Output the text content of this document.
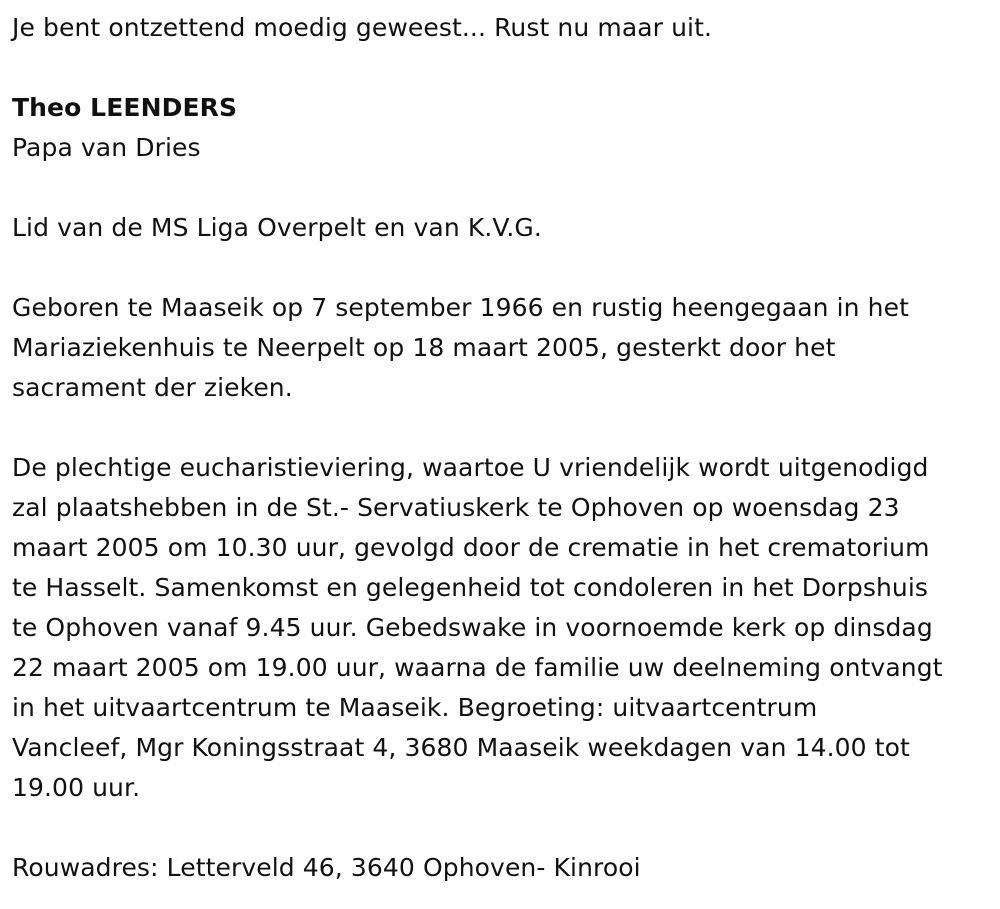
Je bent ontzettend moedig geweest... Rust nu maar uit.
Theo LEENDERS
Papa van Dries
Lid van de MS Liga Overpelt en van K.V.G.
Geboren te Maaseik op 7 september 1966 en rustig heengegaan in het
Mariaziekenhuis te Neerpelt op 18 maart 2005, gesterkt door het
sacrament der zieken.
De plechtige eucharistieviering, waartoe U vriendelijk wordt uitgenodigd
zal plaatshebben in de St.- Servatiuskerk te Ophoven op woensdag 23
maart 2005 om 10.30 uur, gevolgd door de crematie in het crematorium
te Hasselt. Samenkomst en gelegenheid tot condoleren in het Dorpshuis
te Ophoven vanaf 9.45 uur. Gebedswake in voornoemde kerk op dinsdag
22 maart 2005 om 19.00 uur, waarna de familie uw deelneming ontvangt
in het uitvaartcentrum te Maaseik. Begroeting: uitvaartcentrum
Vancleef, Mgr Koningsstraat 4, 3680 Maaseik weekdagen van 14.00 tot
19.00 uur.
Rouwadres: Letterveld 46, 3640 Ophoven- Kinrooi
